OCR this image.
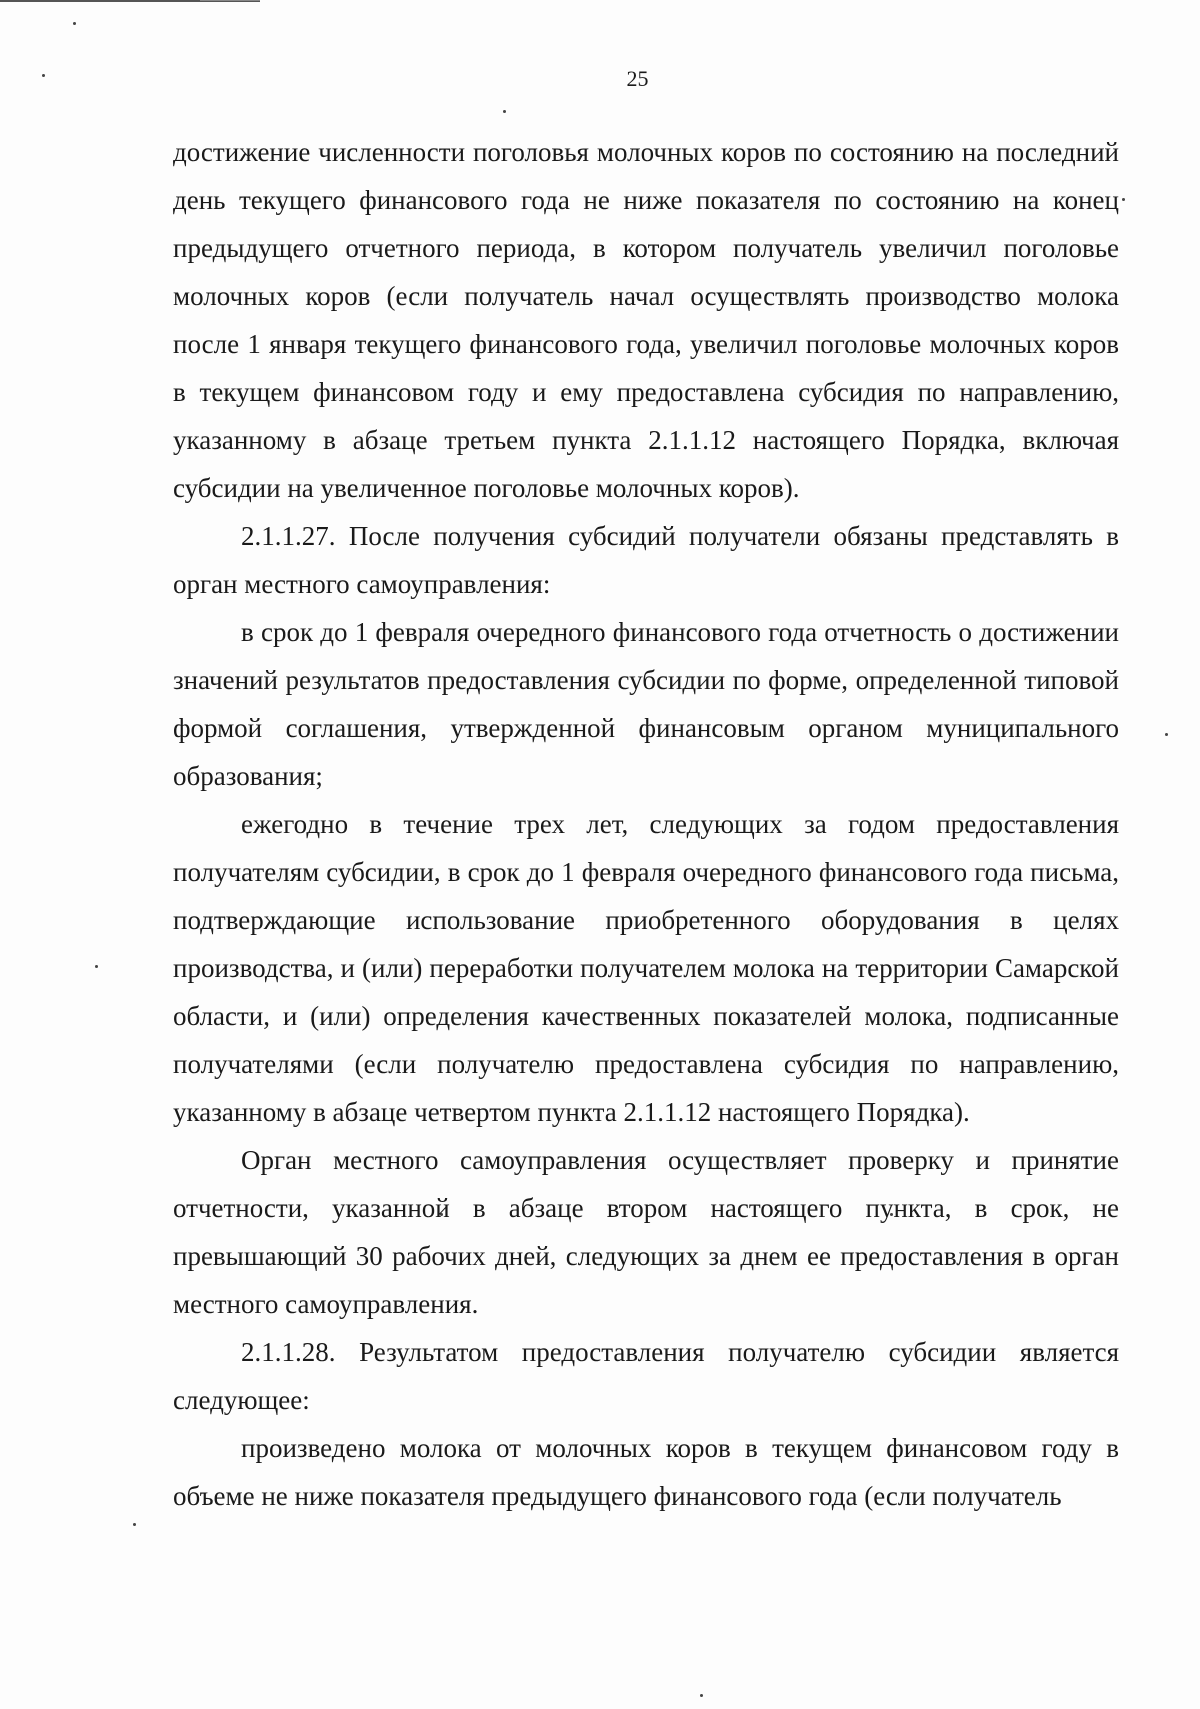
25

достижение численности поголовья молочных коров по состоянию на последний день текущего финансового года не ниже показателя по состоянию на конец предыдущего отчетного периода, в котором получатель увеличил поголовье молочных коров (если получатель начал осуществлять производство молока после 1 января текущего финансового года, увеличил поголовье молочных коров в текущем финансовом году и ему предоставлена субсидия по направлению, указанному в абзаце третьем пункта 2.1.1.12 настоящего Порядка, включая субсидии на увеличенное поголовье молочных коров).

2.1.1.27. После получения субсидий получатели обязаны представлять в орган местного самоуправления:

в срок до 1 февраля очередного финансового года отчетность о достижении значений результатов предоставления субсидии по форме, определенной типовой формой соглашения, утвержденной финансовым органом муниципального образования;

ежегодно в течение трех лет, следующих за годом предоставления получателям субсидии, в срок до 1 февраля очередного финансового года письма, подтверждающие использование приобретенного оборудования в целях производства, и (или) переработки получателем молока на территории Самарской области, и (или) определения качественных показателей молока, подписанные получателями (если получателю предоставлена субсидия по направлению, указанному в абзаце четвертом пункта 2.1.1.12 настоящего Порядка).

Орган местного самоуправления осуществляет проверку и принятие отчетности, указанной в абзаце втором настоящего пункта, в срок, не превышающий 30 рабочих дней, следующих за днем ее предоставления в орган местного самоуправления.

2.1.1.28. Результатом предоставления получателю субсидии является следующее:

произведено молока от молочных коров в текущем финансовом году в объеме не ниже показателя предыдущего финансового года (если получатель
